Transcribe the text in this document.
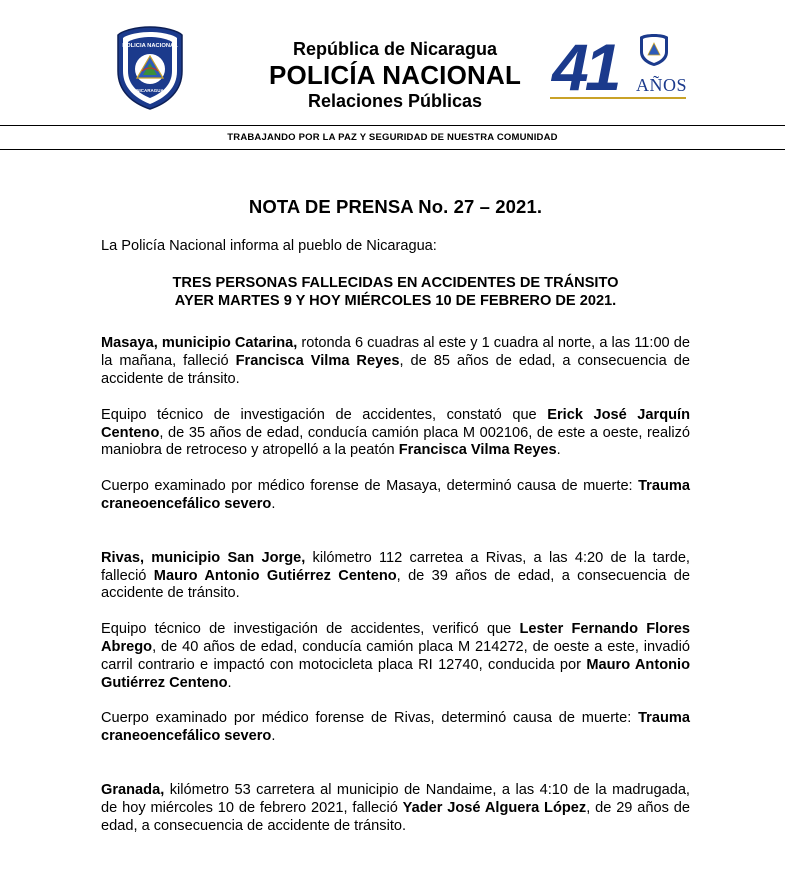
POLICIA NACIONAL
NICARAGUA
República de Nicaragua
POLICÍA NACIONAL
Relaciones Públicas	41 AÑOS
TRABAJANDO POR LA PAZ Y SEGURIDAD DE NUESTRA COMUNIDAD
NOTA DE PRENSA No. 27 – 2021.
La Policía Nacional informa al pueblo de Nicaragua:
TRES PERSONAS FALLECIDAS EN ACCIDENTES DE TRÁNSITO
AYER MARTES 9 Y HOY MIÉRCOLES 10 DE FEBRERO DE 2021.

Masaya, municipio Catarina, rotonda 6 cuadras al este y 1 cuadra al norte, a las 11:00 de la mañana, falleció Francisca Vilma Reyes, de 85 años de edad, a consecuencia de accidente de tránsito.

Equipo técnico de investigación de accidentes, constató que Erick José Jarquín Centeno, de 35 años de edad, conducía camión placa M 002106, de este a oeste, realizó maniobra de retroceso y atropelló a la peatón Francisca Vilma Reyes.

Cuerpo examinado por médico forense de Masaya, determinó causa de muerte: Trauma craneoencefálico severo.

Rivas, municipio San Jorge, kilómetro 112 carretea a Rivas, a las 4:20 de la tarde, falleció Mauro Antonio Gutiérrez Centeno, de 39 años de edad, a consecuencia de accidente de tránsito.

Equipo técnico de investigación de accidentes, verificó que Lester Fernando Flores Abrego, de 40 años de edad, conducía camión placa M 214272, de oeste a este, invadió carril contrario e impactó con motocicleta placa RI 12740, conducida por Mauro Antonio Gutiérrez Centeno.

Cuerpo examinado por médico forense de Rivas, determinó causa de muerte: Trauma craneoencefálico severo.

Granada, kilómetro 53 carretera al municipio de Nandaime, a las 4:10 de la madrugada, de hoy miércoles 10 de febrero 2021, falleció Yader José Alguera López, de 29 años de edad, a consecuencia de accidente de tránsito.
